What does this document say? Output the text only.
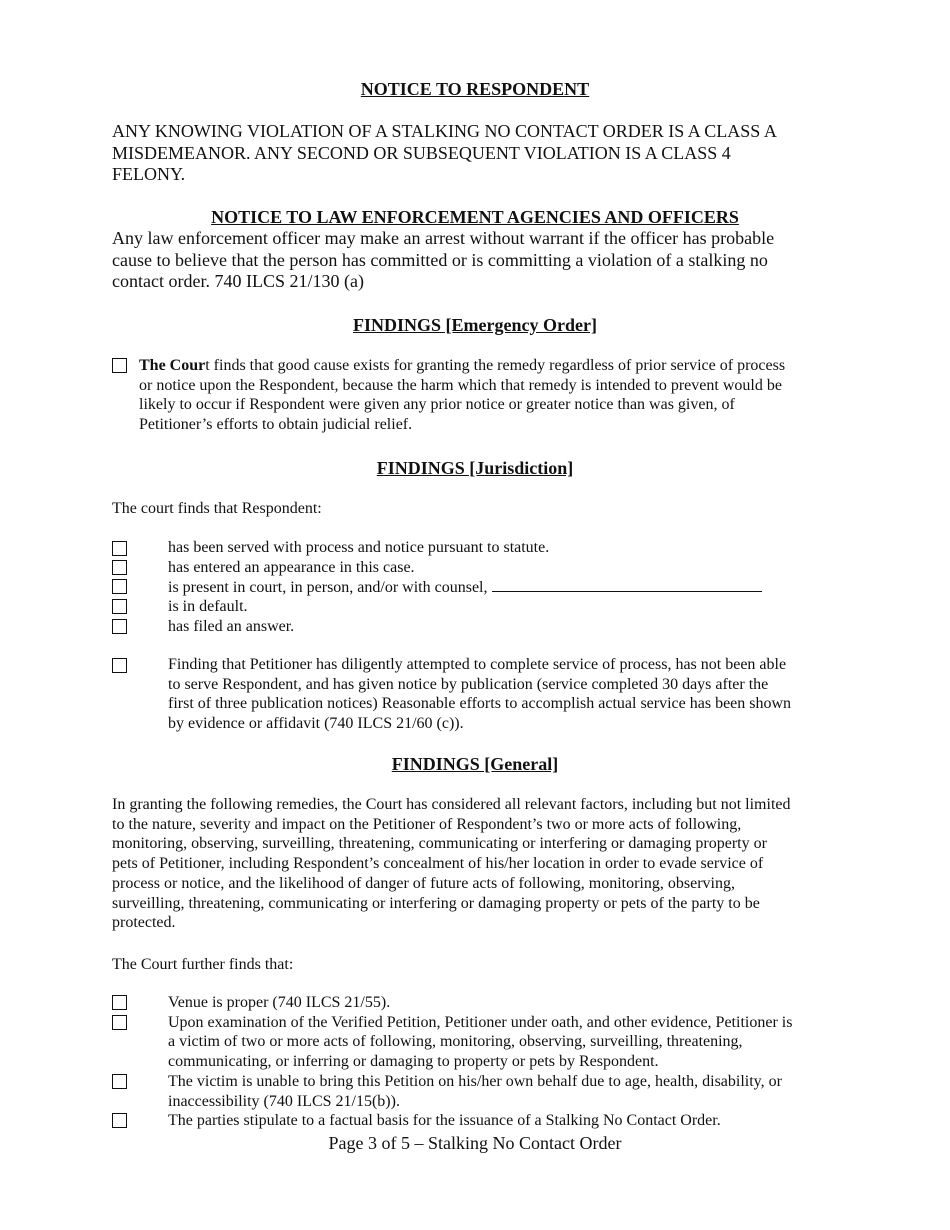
NOTICE TO RESPONDENT
ANY KNOWING VIOLATION OF A STALKING NO CONTACT ORDER IS A CLASS A
MISDEMEANOR. ANY SECOND OR SUBSEQUENT VIOLATION IS A CLASS 4
FELONY.
NOTICE TO LAW ENFORCEMENT AGENCIES AND OFFICERS
Any law enforcement officer may make an arrest without warrant if the officer has probable
cause to believe that the person has committed or is committing a violation of a stalking no
contact order. 740 ILCS 21/130 (a)
FINDINGS [Emergency Order]
The Court finds that good cause exists for granting the remedy regardless of prior service of process
or notice upon the Respondent, because the harm which that remedy is intended to prevent would be
likely to occur if Respondent were given any prior notice or greater notice than was given, of
Petitioner’s efforts to obtain judicial relief.
FINDINGS [Jurisdiction]
The court finds that Respondent:
has been served with process and notice pursuant to statute.
has entered an appearance in this case.
is present in court, in person, and/or with counsel,
is in default.
has filed an answer.
Finding that Petitioner has diligently attempted to complete service of process, has not been able
to serve Respondent, and has given notice by publication (service completed 30 days after the
first of three publication notices) Reasonable efforts to accomplish actual service has been shown
by evidence or affidavit (740 ILCS 21/60 (c)).
FINDINGS [General]
In granting the following remedies, the Court has considered all relevant factors, including but not limited
to the nature, severity and impact on the Petitioner of Respondent’s two or more acts of following,
monitoring, observing, surveilling, threatening, communicating or interfering or damaging property or
pets of Petitioner, including Respondent’s concealment of his/her location in order to evade service of
process or notice, and the likelihood of danger of future acts of following, monitoring, observing,
surveilling, threatening, communicating or interfering or damaging property or pets of the party to be
protected.
The Court further finds that:
Venue is proper (740 ILCS 21/55).
Upon examination of the Verified Petition, Petitioner under oath, and other evidence, Petitioner is
a victim of two or more acts of following, monitoring, observing, surveilling, threatening,
communicating, or inferring or damaging to property or pets by Respondent.
The victim is unable to bring this Petition on his/her own behalf due to age, health, disability, or
inaccessibility (740 ILCS 21/15(b)).
The parties stipulate to a factual basis for the issuance of a Stalking No Contact Order.
Page 3 of 5 – Stalking No Contact Order
